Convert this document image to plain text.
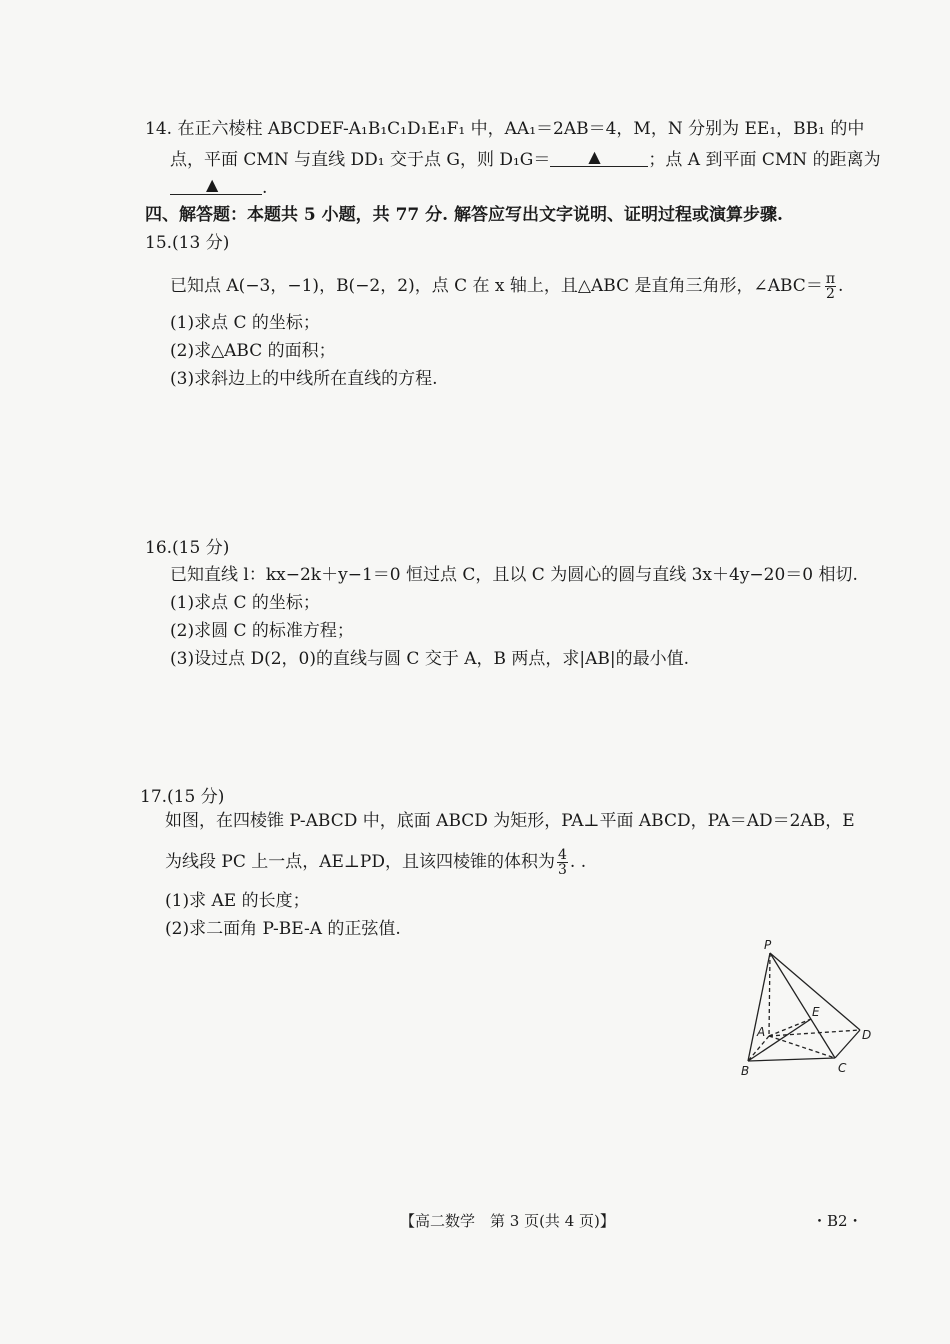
14. 在正六棱柱 ABCDEF-A₁B₁C₁D₁E₁F₁ 中，AA₁＝2AB＝4，M，N 分别为 EE₁，BB₁ 的中
点，平面 CMN 与直线 DD₁ 交于点 G，则 D₁G＝ ▲	；点 A 到平面 CMN 的距离为
▲	.
四、解答题：本题共 5 小题，共 77 分. 解答应写出文字说明、证明过程或演算步骤.
15.(13 分)
已知点 A(−3，−1)，B(−2，2)，点 C 在 x 轴上，且△ABC 是直角三角形，∠ABC＝ $\frac{\pi}{2}$ .
(1)求点 C 的坐标；
(2)求△ABC 的面积；
(3)求斜边上的中线所在直线的方程.
16.(15 分)
已知直线 l：kx−2k＋y−1＝0 恒过点 C，且以 C 为圆心的圆与直线 3x＋4y−20＝0 相切.
(1)求点 C 的坐标；
(2)求圆 C 的标准方程；
(3)设过点 D(2，0)的直线与圆 C 交于 A，B 两点，求|AB|的最小值.
17.(15 分)
如图，在四棱锥 P-ABCD 中，底面 ABCD 为矩形，PA⊥平面 ABCD，PA＝AD＝2AB，E
为线段 PC 上一点，AE⊥PD，且该四棱锥的体积为 $\frac{4}{3}$ . .
(1)求 AE 的长度；
(2)求二面角 P-BE-A 的正弦值.
P
A
B	C
D
E
【高二数学　第 3 页(共 4 页)】	・B2・
